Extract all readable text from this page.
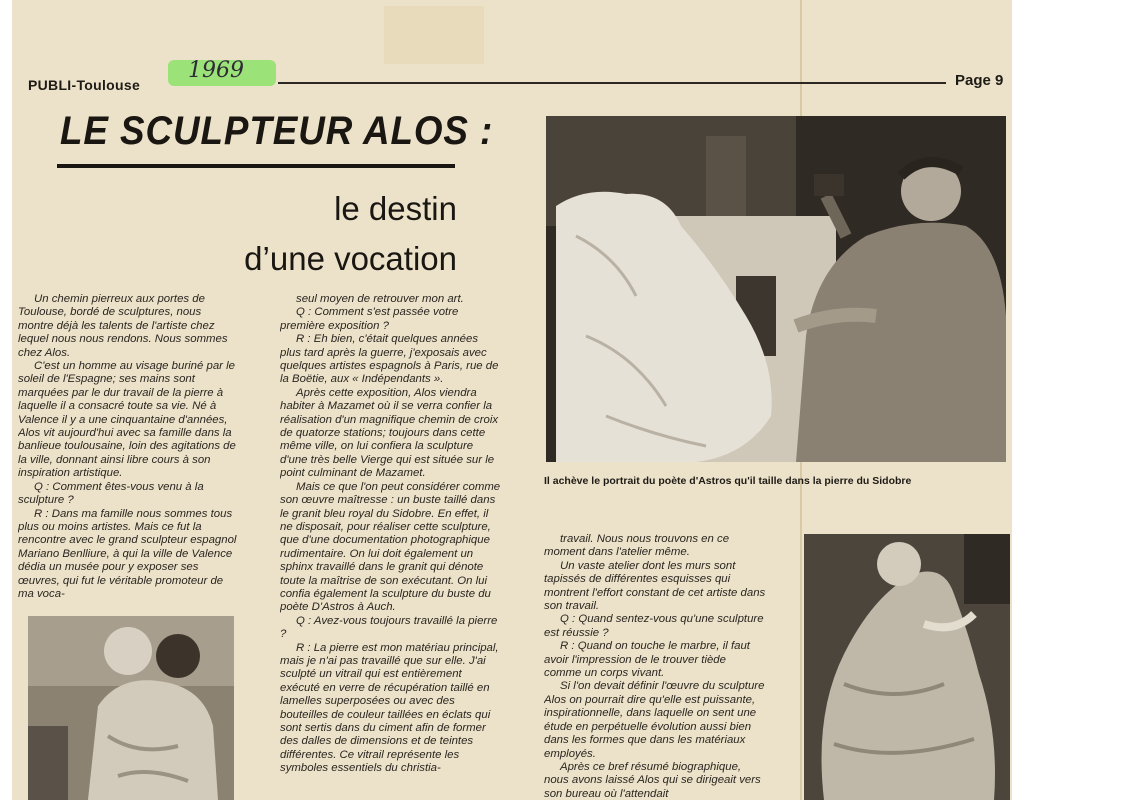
PUBLI-Toulouse
1969	Page 9
LE SCULPTEUR ALOS :
le destin
d’une vocation

Un chemin pierreux aux portes de Toulouse, bordé de sculptures, nous montre déjà les talents de l'artiste chez lequel nous nous rendons. Nous sommes chez Alos.

C'est un homme au visage buriné par le soleil de l'Espagne; ses mains sont marquées par le dur travail de la pierre à laquelle il a consacré toute sa vie. Né à Valence il y a une cinquantaine d'années, Alos vit aujourd'hui avec sa famille dans la banlieue toulousaine, loin des agitations de la ville, donnant ainsi libre cours à son inspiration artistique.

Q : Comment êtes-vous venu à la sculpture ?

R : Dans ma famille nous sommes tous plus ou moins artistes. Mais ce fut la rencontre avec le grand sculpteur espagnol Mariano Benlliure, à qui la ville de Valence dédia un musée pour y exposer ses œuvres, qui fut le véritable promoteur de ma voca-

seul moyen de retrouver mon art.

Q : Comment s'est passée votre première exposition ?

R : Eh bien, c'était quelques années plus tard après la guerre, j'exposais avec quelques artistes espagnols à Paris, rue de la Boëtie, aux « Indépendants ».

Après cette exposition, Alos viendra habiter à Mazamet où il se verra confier la réalisation d'un magnifique chemin de croix de quatorze stations; toujours dans cette même ville, on lui confiera la sculpture d'une très belle Vierge qui est située sur le point culminant de Mazamet.

Mais ce que l'on peut considérer comme son œuvre maîtresse : un buste taillé dans le granit bleu royal du Sidobre. En effet, il ne disposait, pour réaliser cette sculpture, que d'une documentation photographique rudimentaire. On lui doit également un sphinx travaillé dans le granit qui dénote toute la maîtrise de son exécutant. On lui confia également la sculpture du buste du poète D'Astros à Auch.

Q : Avez-vous toujours travaillé la pierre ?

R : La pierre est mon matériau principal, mais je n'ai pas travaillé que sur elle. J'ai sculpté un vitrail qui est entièrement exécuté en verre de récupération taillé en lamelles superposées ou avec des bouteilles de couleur taillées en éclats qui sont sertis dans du ciment afin de former des dalles de dimensions et de teintes différentes. Ce vitrail représente les symboles essentiels du christia-

travail. Nous nous trouvons en ce moment dans l'atelier même.

Un vaste atelier dont les murs sont tapissés de différentes esquisses qui montrent l'effort constant de cet artiste dans son travail.

Q : Quand sentez-vous qu'une sculpture est réussie ?

R : Quand on touche le marbre, il faut avoir l'impression de le trouver tiède comme un corps vivant.

Si l'on devait définir l'œuvre du sculpture Alos on pourrait dire qu'elle est puissante, inspirationnelle, dans laquelle on sent une étude en perpétuelle évolution aussi bien dans les formes que dans les matériaux employés.

Après ce bref résumé biographique, nous avons laissé Alos qui se dirigeait vers son bureau où l'attendait

Il achève le portrait du poète d'Astros qu'il taille dans la pierre du Sidobre
